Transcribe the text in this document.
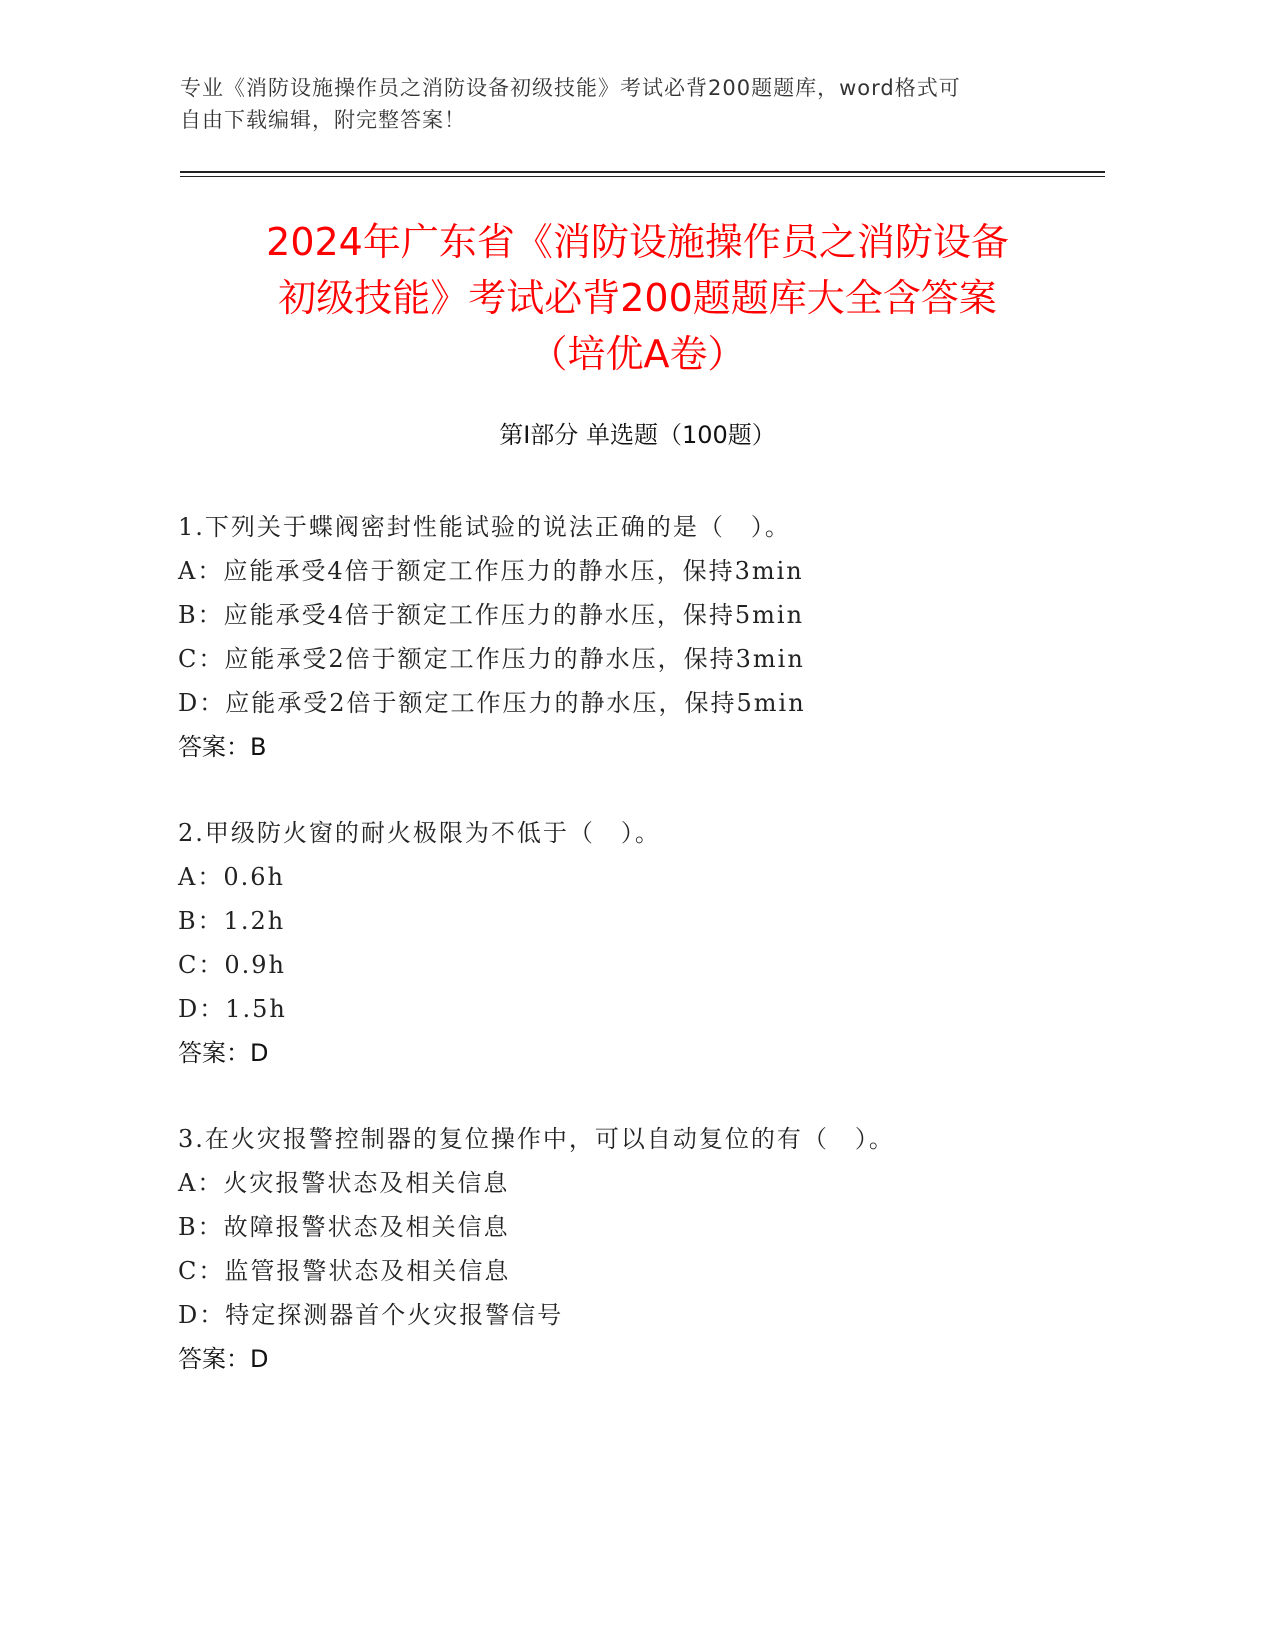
专业《消防设施操作员之消防设备初级技能》考试必背200题题库，word格式可
自由下载编辑，附完整答案！
2024年广东省《消防设施操作员之消防设备
初级技能》考试必背200题题库大全含答案
（培优A卷）
第I部分 单选题（100题）
1.下列关于蝶阀密封性能试验的说法正确的是（　）。
A：应能承受4倍于额定工作压力的静水压，保持3min
B：应能承受4倍于额定工作压力的静水压，保持5min
C：应能承受2倍于额定工作压力的静水压，保持3min
D：应能承受2倍于额定工作压力的静水压，保持5min
答案：B
2.甲级防火窗的耐火极限为不低于（　）。
A：0.6h
B：1.2h
C：0.9h
D：1.5h
答案：D
3.在火灾报警控制器的复位操作中，可以自动复位的有（　）。
A：火灾报警状态及相关信息
B：故障报警状态及相关信息
C：监管报警状态及相关信息
D：特定探测器首个火灾报警信号
答案：D
